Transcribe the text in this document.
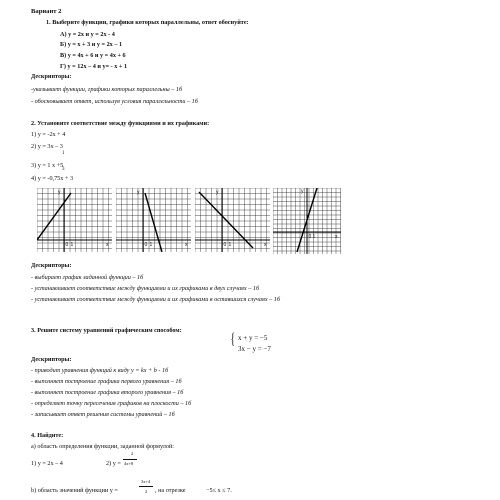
Вариант 2
1. Выберите функции, графики которых параллельны, ответ обоснуйте:
А) y = 2x и y = 2x - 4
Б) y = x + 3 и y = 2x – 1
В) y = 4x + 6 и y = 4x + 6
Г) y = 12x – 4 и y= - x + 1
Дескрипторы:
-указывает функции, графики которых параллельны – 1б
- обосновывает ответ, используя условия параллельности – 1б
2. Установите соответствие между функциями и их графиками:
1) y = -2x + 4
2) y = 3x – 3
1
3) y = 1 x +5
3
4) y = -0,75x + 3
0 1	x
y
0 1	x
y
0 1	x
y
0 1	x
y
Дескрипторы:
- выбирает график заданной функции – 1б
- устанавливает соответствие между функциями и их графиками в двух случаях – 1б
- устанавливает соответствие между функциями и их графиками в оставшихся случаях – 1б
3. Решите систему уравнений графическим способом:
{ x + y = −5
3x − y = −7
Дескрипторы:
- приводит уравнения функций к виду y = kx + b - 1б
- выполняет построение графика первого уравнения – 1б
- выполняет построение графика второго уравнения – 1б
- определяет точку пересечения графиков на плоскости – 1б
- записывает ответ решения системы уравнений – 1б
4. Найдите:
a) область определения функции, заданной формулой:
1) y = 2x – 4	2) y =
2
4x+8
b) область значений функции y =
3x+4
2 , на отрезке	−5≤ x ≤ 7.
